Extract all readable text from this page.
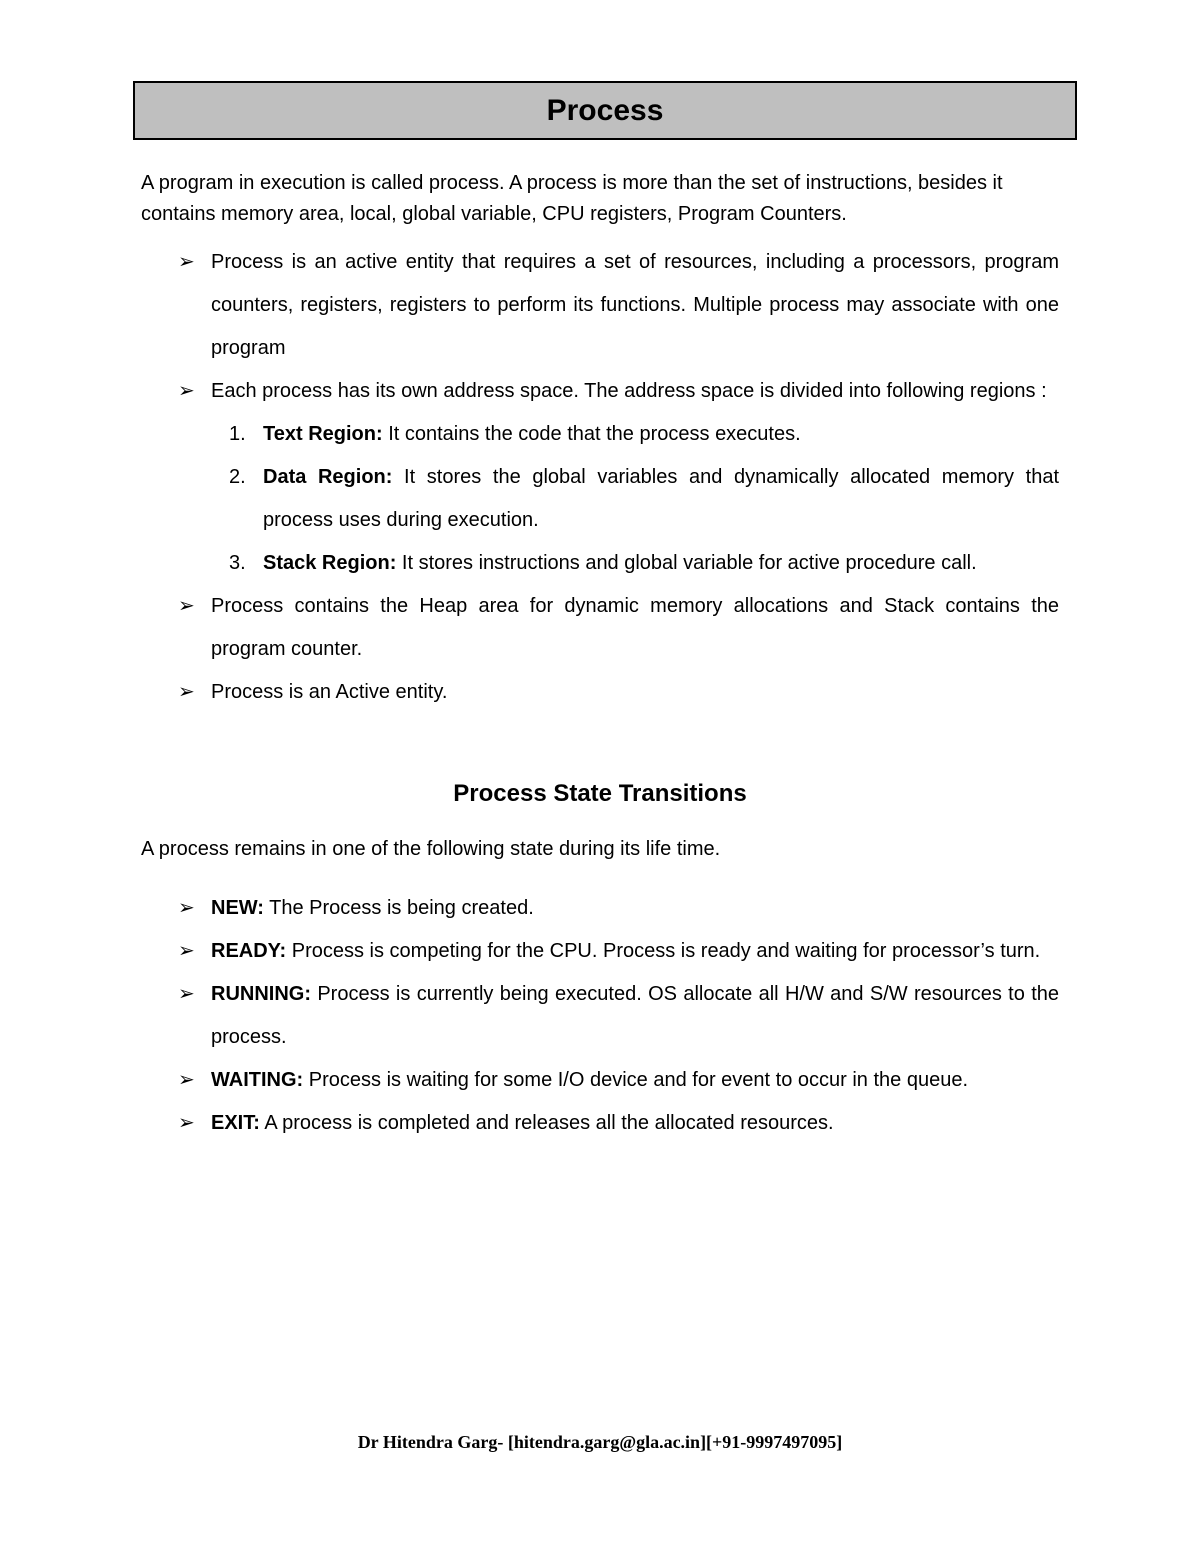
Process
A program in execution is called process. A process is more than the set of instructions, besides it contains memory area, local, global variable, CPU registers, Program Counters.
➢ Process is an active entity that requires a set of resources, including a processors, program counters, registers, registers to perform its functions. Multiple process may associate with one program
➢ Each process has its own address space. The address space is divided into following regions :
1. Text Region: It contains the code that the process executes.
2. Data Region: It stores the global variables and dynamically allocated memory that process uses during execution.
3. Stack Region: It stores instructions and global variable for active procedure call.
➢ Process contains the Heap area for dynamic memory allocations and Stack contains the program counter.
➢ Process is an Active entity.
Process State Transitions
A process remains in one of the following state during its life time.
➢ NEW: The Process is being created.
➢ READY: Process is competing for the CPU. Process is ready and waiting for processor’s turn.
➢ RUNNING: Process is currently being executed. OS allocate all H/W and S/W resources to the process.
➢ WAITING: Process is waiting for some I/O device and for event to occur in the queue.
➢ EXIT: A process is completed and releases all the allocated resources.
Dr Hitendra Garg- [hitendra.garg@gla.ac.in][+91-9997497095]
